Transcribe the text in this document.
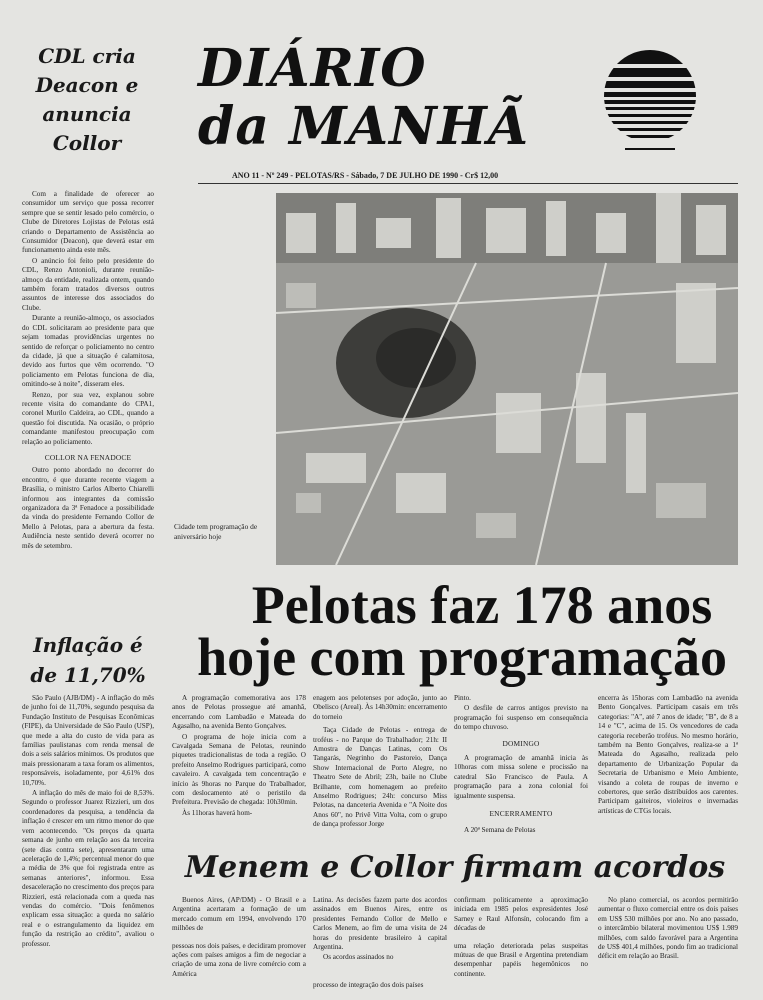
CDL cria
Deacon e
anuncia
Collor
DIÁRIO
da MANHÃ
ANO 11 - Nº 249 - PELOTAS/RS - Sábado, 7 DE JULHO DE 1990 - Cr$ 12,00

Com a finalidade de oferecer ao consumidor um serviço que possa recorrer sempre que se sentir lesado pelo comércio, o Clube de Diretores Lojistas de Pelotas está criando o Departamento de Assistência ao Consumidor (Deacon), que deverá estar em funcionamento ainda este mês.

O anúncio foi feito pelo presidente do CDL, Renzo Antonioli, durante reunião-almoço da entidade, realizada ontem, quando também foram tratados diversos outros assuntos de interesse dos associados do Clube.

Durante a reunião-almoço, os associados do CDL solicitaram ao presidente para que sejam tomadas providências urgentes no sentido de reforçar o policiamento no centro da cidade, já que a situação é calamitosa, devido aos furtos que vêm ocorrendo. "O policiamento em Pelotas funciona de dia, omitindo-se à noite", disseram eles.

Renzo, por sua vez, explanou sobre recente visita do comandante do CPA1, coronel Murilo Caldeira, ao CDL, quando a questão foi discutida. Na ocasião, o próprio comandante manifestou preocupação com relação ao policiamento.

COLLOR NA FENADOCE

Outro ponto abordado no decorrer do encontro, é que durante recente viagem a Brasília, o ministro Carlos Alberto Chiarelli informou aos integrantes da comissão organizadora da 3ª Fenadoce a possibilidade da vinda do presidente Fernando Collor de Mello à Pelotas, para a abertura da festa. Audiência neste sentido deverá ocorrer no mês de setembro.

Cidade tem programação de aniversário hoje
Pelotas faz 178 anos
hoje com programação
Inflação é
de 11,70%

São Paulo (AJB/DM) - A inflação do mês de junho foi de 11,70%, segundo pesquisa da Fundação Instituto de Pesquisas Econômicas (FIPE), da Universidade de São Paulo (USP), que mede a alta do custo de vida para as famílias paulistanas com renda mensal de dois a seis salários mínimos. Os produtos que mais pressionaram a taxa foram os alimentos, responsáveis, isoladamente, por 4,61% dos 10,70%.

A inflação do mês de maio foi de 8,53%. Segundo o professor Juarez Rizzieri, um dos coordenadores da pesquisa, a tendência da inflação é crescer em um ritmo menor do que vem acontecendo. "Os preços da quarta semana de junho em relação aos da terceira (sete dias contra sete), apresentaram uma aceleração de 1,4%; percentual menor do que a média de 3% que foi registrada entre as semanas anteriores", informou. Essa desaceleração no crescimento dos preços para Rizzieri, está relacionada com a queda nas vendas do comércio. "Dois fenômenos explicam essa situação: a queda no salário real e o estrangulamento da liquidez em função da restrição ao crédito", avaliou o professor.

A programação comemorativa aos 178 anos de Pelotas prossegue até amanhã, encerrando com Lambadão e Mateada do Agasalho, na avenida Bento Gonçalves.

O programa de hoje inicia com a Cavalgada Semana de Pelotas, reunindo piquetes tradicionalistas de toda a região. O prefeito Anselmo Rodrigues participará, como cavaleiro. A cavalgada tem concentração e início às 9horas no Parque do Trabalhador, com deslocamento até o peristilo da Prefeitura. Previsão de chegada: 10h30min.

Às 11horas haverá hom-

enagem aos pelotenses por adoção, junto ao Obelisco (Areal). Às 14h30min: encerramento do torneio

Taça Cidade de Pelotas - entrega de troféus - no Parque do Trabalhador; 21h: II Amostra de Danças Latinas, com Os Tangarás, Negrinho do Pastoreio, Dança Show Internacional de Porto Alegre, no Theatro Sete de Abril; 23h, baile no Clube Brilhante, com homenagem ao prefeito Anselmo Rodrigues; 24h: concurso Miss Pelotas, na danceteria Avenida e "A Noite dos Anos 60", no Privê Vitta Volta, com o grupo de dança professor Jorge

Pinto.

O desfile de carros antigos previsto na programação foi suspenso em consequência do tempo chuvoso.

DOMINGO

A programação de amanhã inicia às 10horas com missa solene e procissão na catedral São Francisco de Paula. A programação para a zona colonial foi igualmente suspensa.

ENCERRAMENTO

A 20ª Semana de Pelotas

encerra às 15horas com Lambadão na avenida Bento Gonçalves. Participam casais em três categorias: "A", até 7 anos de idade; "B", de 8 a 14 e "C", acima de 15. Os vencedores de cada categoria receberão troféus. No mesmo horário, também na Bento Gonçalves, realiza-se a 1ª Mateada do Agasalho, realizada pelo departamento de Urbanização Popular da Secretaria de Urbanismo e Meio Ambiente, visando a coleta de roupas de inverno e cobertores, que serão distribuídos aos carentes. Participam gaiteiros, violeiros e invernadas artísticas de CTGs locais.

Menem e Collor firmam acordos

Buenos Aires, (AP/DM) - O Brasil e a Argentina acertaram a formação de um mercado comum em 1994, envolvendo 170 milhões de

pessoas nos dois países, e decidiram promover ações com países amigos a fim de negociar a criação de uma zona de livre comércio com a América

Latina. As decisões fazem parte dos acordos assinados em Buenos Aires, entre os presidentes Fernando Collor de Mello e Carlos Menem, ao fim de uma visita de 24 horas do presidente brasileiro à capital Argentina.

Os acordos assinados no

processo de integração dos dois países

confirmam politicamente a aproximação iniciada em 1985 pelos expresidentes José Sarney e Raul Alfonsín, colocando fim a décadas de

uma relação deteriorada pelas suspeitas mútuas de que Brasil e Argentina pretendiam desempenhar papéis hegemônicos no continente.

No plano comercial, os acordos permitirão aumentar o fluxo comercial entre os dois países em US$ 530 milhões por ano. No ano passado, o intercâmbio bilateral movimentou US$ 1.989 milhões, com saldo favorável para a Argentina de US$ 401,4 milhões, pondo fim ao tradicional déficit em relação ao Brasil.
